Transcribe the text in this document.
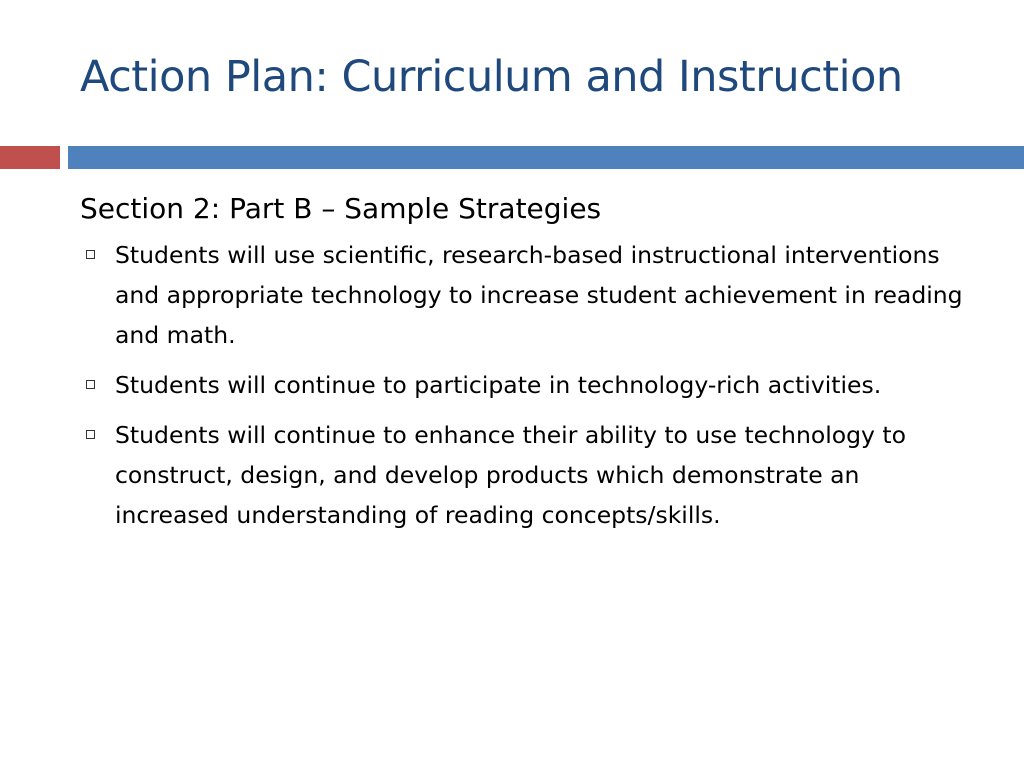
Action Plan: Curriculum and Instruction
Section 2: Part B – Sample Strategies
Students will use scientific, research-based instructional interventions and appropriate technology to increase student achievement in reading and math.
Students will continue to participate in technology-rich activities.
Students will continue to enhance their ability to use technology to construct, design, and develop products which demonstrate an increased understanding of reading concepts/skills.
